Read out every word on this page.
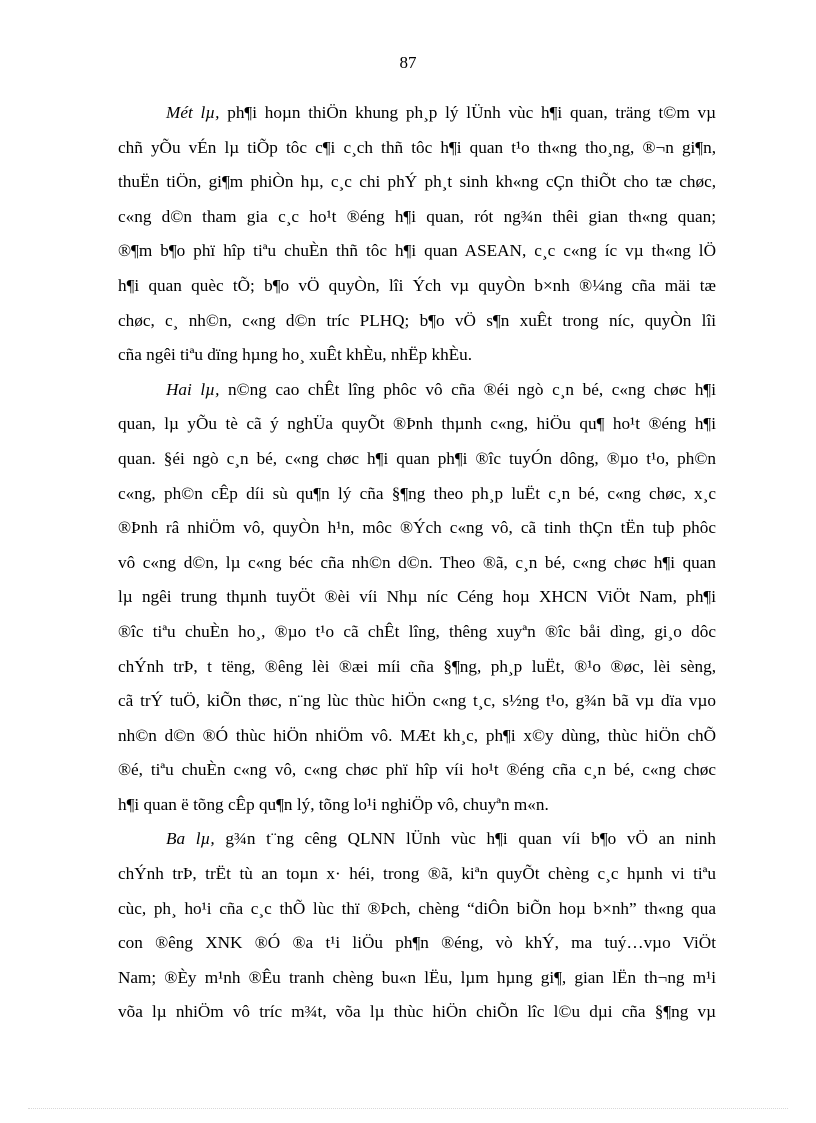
87
Mét lµ, ph¶i hoµn thiÖn khung ph¸p lý lÜnh vùc h¶i quan, träng t©m vµ
chñ yÕu vÉn lµ tiÕp tôc c¶i c¸ch thñ tôc h¶i quan t¹o th«ng tho¸ng, ®¬n gi¶n,
thuËn tiÖn, gi¶m phiÒn hµ, c¸c chi phÝ ph¸t sinh kh«ng cÇn thiÕt cho tæ chøc,
c«ng d©n tham gia c¸c ho¹t ®éng h¶i quan, rót ng¾n thêi gian th«ng quan;
®¶m b¶o phï hîp tiªu chuÈn thñ tôc h¶i quan ASEAN, c¸c c«ng íc vµ th«ng lÖ
h¶i quan quèc tÕ; b¶o vÖ quyÒn, lîi Ých vµ quyÒn b×nh ®¼ng cña mäi tæ
chøc, c¸ nh©n, c«ng d©n tríc PLHQ; b¶o vÖ s¶n xuÊt trong níc, quyÒn lîi
cña ngêi tiªu dïng hµng ho¸ xuÊt khÈu, nhËp khÈu.
Hai lµ, n©ng cao chÊt lîng phôc vô cña ®éi ngò c¸n bé, c«ng chøc h¶i
quan, lµ yÕu tè cã ý nghÜa quyÕt ®Þnh thµnh c«ng, hiÖu qu¶ ho¹t ®éng h¶i
quan. §éi ngò c¸n bé, c«ng chøc h¶i quan ph¶i ®îc tuyÓn dông, ®µo t¹o, ph©n
c«ng, ph©n cÊp díi sù qu¶n lý cña §¶ng theo ph¸p luËt c¸n bé, c«ng chøc, x¸c
®Þnh râ nhiÖm vô, quyÒn h¹n, môc ®Ých c«ng vô, cã tinh thÇn tËn tuþ phôc
vô c«ng d©n, lµ c«ng béc cña nh©n d©n. Theo ®ã, c¸n bé, c«ng chøc h¶i quan
lµ ngêi trung thµnh tuyÖt ®èi víi Nhµ níc Céng hoµ XHCN ViÖt Nam, ph¶i
®îc tiªu chuÈn ho¸, ®µo t¹o cã chÊt lîng, thêng xuyªn ®îc båi dìng, gi¸o dôc
chÝnh trÞ, t tëng, ®êng lèi ®æi míi cña §¶ng, ph¸p luËt, ®¹o ®øc, lèi sèng,
cã trÝ tuÖ, kiÕn thøc, n¨ng lùc thùc hiÖn c«ng t¸c, s½ng t¹o, g¾n bã vµ dïa vµo
nh©n d©n ®Ó thùc hiÖn nhiÖm vô. MÆt kh¸c, ph¶i x©y dùng, thùc hiÖn chÕ
®é, tiªu chuÈn c«ng vô, c«ng chøc phï hîp víi ho¹t ®éng cña c¸n bé, c«ng chøc
h¶i quan ë tõng cÊp qu¶n lý, tõng lo¹i nghiÖp vô, chuyªn m«n.
Ba lµ, g¾n t¨ng cêng QLNN lÜnh vùc h¶i quan víi b¶o vÖ an ninh
chÝnh trÞ, trËt tù an toµn x· héi, trong ®ã, kiªn quyÕt chèng c¸c hµnh vi tiªu
cùc, ph¸ ho¹i cña c¸c thÕ lùc thï ®Þch, chèng “diÔn biÕn hoµ b×nh” th«ng qua
con ®êng XNK ®Ó ®a t¹i liÖu ph¶n ®éng, vò khÝ, ma tuý…vµo ViÖt
Nam; ®Èy m¹nh ®Êu tranh chèng bu«n lËu, lµm hµng gi¶, gian lËn th¬ng m¹i
võa lµ nhiÖm vô tríc m¾t, võa lµ thùc hiÖn chiÕn lîc l©u dµi cña §¶ng vµ
